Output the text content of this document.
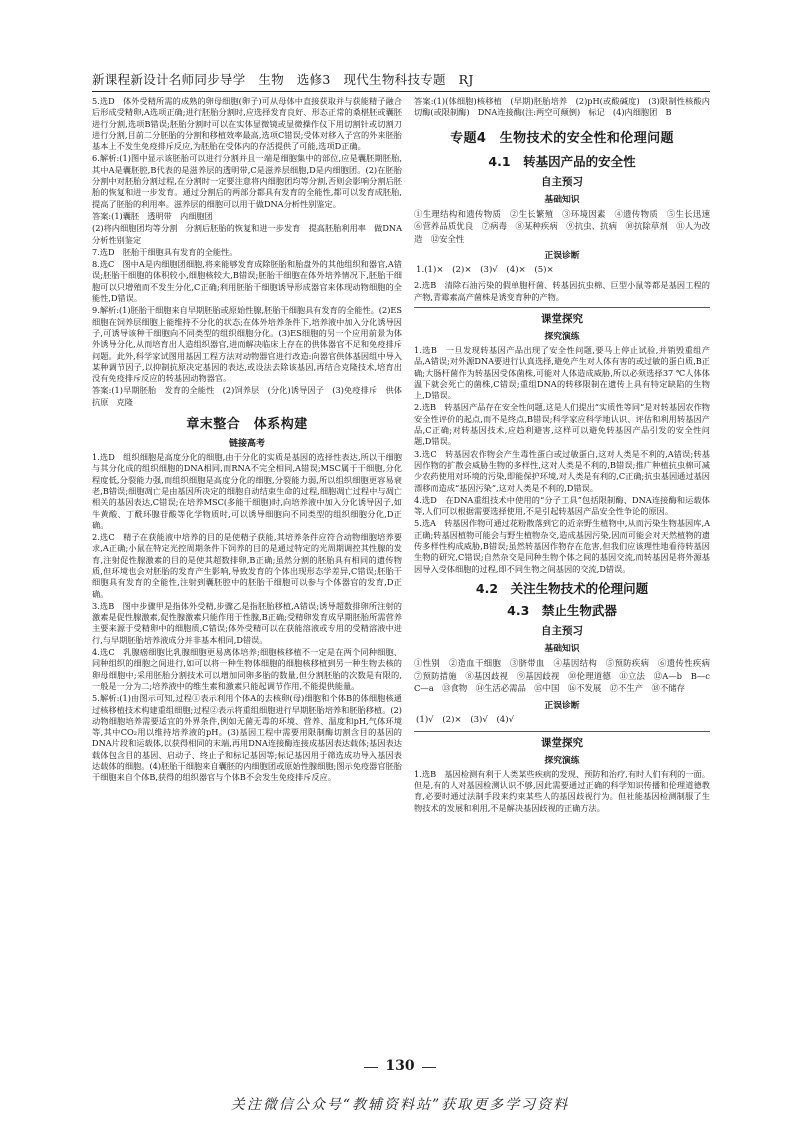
新课程新设计名师同步导学　生物　选修3　现代生物科技专题　RJ

5.选D　体外受精所需的成熟的卵母细胞(卵子)可从母体中直接获取并与获能精子融合后形成受精卵,A选项正确;进行胚胎分割时,应选择发育良好、形态正常的桑椹胚或囊胚进行分割,选项B错误;胚胎分割时可以在实体显微镜或显微操作仪下用切割针或切割刀进行分割,目前二分胚胎的分割和移植效率最高,选项C错误;受体对移入子宫的外来胚胎基本上不发生免疫排斥反应,为胚胎在受体内的存活提供了可能,选项D正确。

6.解析:(1)图中显示该胚胎可以进行分割并且一端是细胞集中的部位,应是囊胚期胚胎,其中A是囊胚腔,B代表的是滋养层的透明带,C是滋养层细胞,D是内细胞团。(2)在胚胎分割中对胚胎分割过程,在分割时一定要注意将内细胞团均等分割,否则会影响分割后胚胎的恢复和进一步发育。通过分割后的两部分都具有发育的全能性,都可以发育成胚胎,提高了胚胎的利用率。滋养层的细胞可以用于做DNA分析性别鉴定。

答案:(1)囊胚　透明带　内细胞团

(2)将内细胞团均等分割　分割后胚胎的恢复和进一步发育　提高胚胎利用率　做DNA分析性别鉴定

7.选D　胚胎干细胞具有发育的全能性。

8.选C　图中A是内细胞团细胞,将来能够发育成除胚胎和胎盘外的其他组织和器官,A错误;胚胎干细胞的体积较小,细胞核较大,B错误;胚胎干细胞在体外培养情况下,胚胎干细胞可以只增殖而不发生分化,C正确;利用胚胎干细胞诱导形成器官来体现动物细胞的全能性,D错误。

9.解析:(1)胚胎干细胞来自早期胚胎或原始性腺,胚胎干细胞具有发育的全能性。(2)ES细胞在饲养层细胞上能维持不分化的状态;在体外培养条件下,培养液中加入分化诱导因子,可诱导该种干细胞向不同类型的组织细胞分化。(3)ES细胞的另一个应用前景为体外诱导分化,从而培育出人造组织器官,进而解决临床上存在的供体器官不足和免疫排斥问题。此外,科学家试图用基因工程方法对动物器官进行改造:向器官供体基因组中导入某种调节因子,以抑制抗原决定基因的表达,或设法去除该基因,再结合克隆技术,培育出没有免疫排斥反应的转基因动物器官。

答案:(1)早期胚胎　发育的全能性　(2)饲养层　(分化)诱导因子　(3)免疫排斥　供体　抗原　克隆

章末整合　体系构建
链接高考

1.选D　组织细胞是高度分化的细胞,由于分化的实质是基因的选择性表达,所以干细胞与其分化成的组织细胞的DNA相同,而RNA不完全相同,A错误;MSC属于干细胞,分化程度低,分裂能力强,而组织细胞是高度分化的细胞,分裂能力弱,所以组织细胞更容易衰老,B错误;细胞凋亡是由基因所决定的细胞自动结束生命的过程,细胞凋亡过程中与凋亡相关的基因表达,C错误;在培养MSC(多能干细胞)时,向培养液中加入分化诱导因子,如牛黄酸、丁酰环腺苷酸等化学物质时,可以诱导细胞向不同类型的组织细胞分化,D正确。

2.选C　精子在获能液中培养的目的是使精子获能,其培养条件应符合动物细胞培养要求,A正确;小鼠在特定光控周期条件下饲养的目的是通过特定的光周期调控其性腺的发育,注射促性腺激素的目的是使其超数排卵,B正确;虽然分割的胚胎具有相同的遗传物质,但环境也会对胚胎的发育产生影响,导致发育的个体出现形态学差异,C错误;胚胎干细胞具有发育的全能性,注射到囊胚腔中的胚胎干细胞可以参与个体器官的发育,D正确。

3.选B　图中步骤甲是指体外受精,步骤乙是指胚胎移植,A错误;诱导超数排卵所注射的激素是促性腺激素,促性腺激素只能作用于性腺,B正确;受精卵发育成早期胚胎所需营养主要来源于受精卵中的细胞质,C错误;体外受精可以在获能溶液或专用的受精溶液中进行,与早期胚胎培养液成分并非基本相同,D错误。

4.选C　乳腺癌细胞比乳腺细胞更易离体培养;细胞核移植不一定是在两个同种细胞、同种组织的细胞之间进行,如可以将一种生物体细胞的细胞核移植到另一种生物去核的卵母细胞中;采用胚胎分割技术可以增加同卵多胎的数量,但分割胚胎的次数是有限的,一般是一分为二;培养液中的维生素和激素只能起调节作用,不能提供能量。

5.解析:(1)由图示可知,过程①表示利用个体A的去核卵(母)细胞和个体B的体细胞核通过核移植技术构建重组细胞;过程②表示将重组细胞进行早期胚胎培养和胚胎移植。(2)动物细胞培养需要适宜的外界条件,例如无菌无毒的环境、营养、温度和pH,气体环境等,其中CO₂用以维持培养液的pH。(3)基因工程中需要用限制酶切割含目的基因的DNA片段和运载体,以获得相同的末端,再用DNA连接酶连接成基因表达载体;基因表达载体包含目的基因、启动子、终止子和标记基因等;标记基因用于筛选成功导入基因表达载体的细胞。(4)胚胎干细胞来自囊胚的内细胞团或原始性腺细胞;图示免疫器官胚胎干细胞来自个体B,获得的组织器官与个体B不会发生免疫排斥反应。

答案:(1)(体细胞)核移植　(早期)胚胎培养　(2)pH(或酸碱度)　(3)限制性核酸内切酶(或限制酶)　DNA连接酶(注:两空可颠倒)　标记　(4)内细胞团　B

专题4　生物技术的安全性和伦理问题
4.1　转基因产品的安全性
自主预习
基础知识

①生理结构和遗传物质　②生长繁殖　③环境因素　④遗传物质　⑤生长迅速　⑥营养品质优良　⑦病毒　⑧某种疾病　⑨抗虫、抗病　⑩抗除草剂　⑪人为改造　⑫安全性

正误诊断

1.(1)×　(2)×　(3)√　(4)×　(5)×

2.选B　清除石油污染的假单胞杆菌、转基因抗虫棉、巨型小鼠等都是基因工程的产物,青霉素高产菌株是诱变育种的产物。

课堂探究
探究演练

1.选B　一旦发现转基因产品出现了安全性问题,要马上停止试验,并销毁重组产品,A错误;对外源DNA要进行认真选择,避免产生对人体有害的或过敏的蛋白质,B正确;大肠杆菌作为转基因受体菌株,可能对人体造成威胁,所以必须选择37 ℃人体体温下就会死亡的菌株,C错误;重组DNA的转移限制在遗传上具有特定缺陷的生物上,D错误。

2.选B　转基因产品存在安全性问题,这是人们提出“实质性等同”是对转基因农作物安全性评价的起点,而不是终点,B错误;科学家应科学地认识、评估和利用转基因产品,C正确;对转基因技术,应趋利避害,这样可以避免转基因产品引发的安全性问题,D错误。

3.选C　转基因农作物会产生毒性蛋白或过敏蛋白,这对人类是不利的,A错误;转基因作物的扩散会威胁生物的多样性,这对人类是不利的,B错误;推广种植抗虫棉可减少农药使用对环境的污染,即能保护环境,对人类是有利的,C正确;抗虫基因通过基因漂移而造成“基因污染”,这对人类是不利的,D错误。

4.选D　在DNA重组技术中使用的“分子工具”包括限制酶、DNA连接酶和运载体等,人们可以根据需要选择使用,不是引起转基因产品安全性争论的原因。

5.选A　转基因作物可通过花粉散落到它的近亲野生植物中,从而污染生物基因库,A正确;转基因植物可能会与野生植物杂交,造成基因污染,因而可能会对天然植物的遗传多样性构成威胁,B错误;虽然转基因作物存在危害,但我们应该理性地看待转基因生物的研究,C错误;自然杂交是同种生物个体之间的基因交流,而转基因是将外源基因导入受体细胞的过程,即不同生物之间基因的交流,D错误。

4.2　关注生物技术的伦理问题
4.3　禁止生物武器
自主预习
基础知识

①性别　②造血干细胞　③脐带血　④基因结构　⑤预防疾病　⑥遗传性疾病　⑦预防措施　⑧基因歧视　⑨基因歧视　⑩伦理道德　⑪立法　⑫A—b　B—c　C—a　⑬食物　⑭生活必需品　⑮中国　⑯不发展　⑰不生产　⑱不储存

正误诊断

(1)√　(2)×　(3)√　(4)√

课堂探究
探究演练

1.选B　基因检测有利于人类某些疾病的发现、预防和治疗,有时人们有利的一面。但是,有的人对基因检测认识不够,因此需要通过正确的科学知识传播和伦理道德教育,必要时通过法制手段来约束某些人的基因歧视行为。但社能基因检测制服了生物技术的发展和利用,不是解决基因歧视的正确方法。

130
关注微信公众号“教辅资料站”获取更多学习资料
